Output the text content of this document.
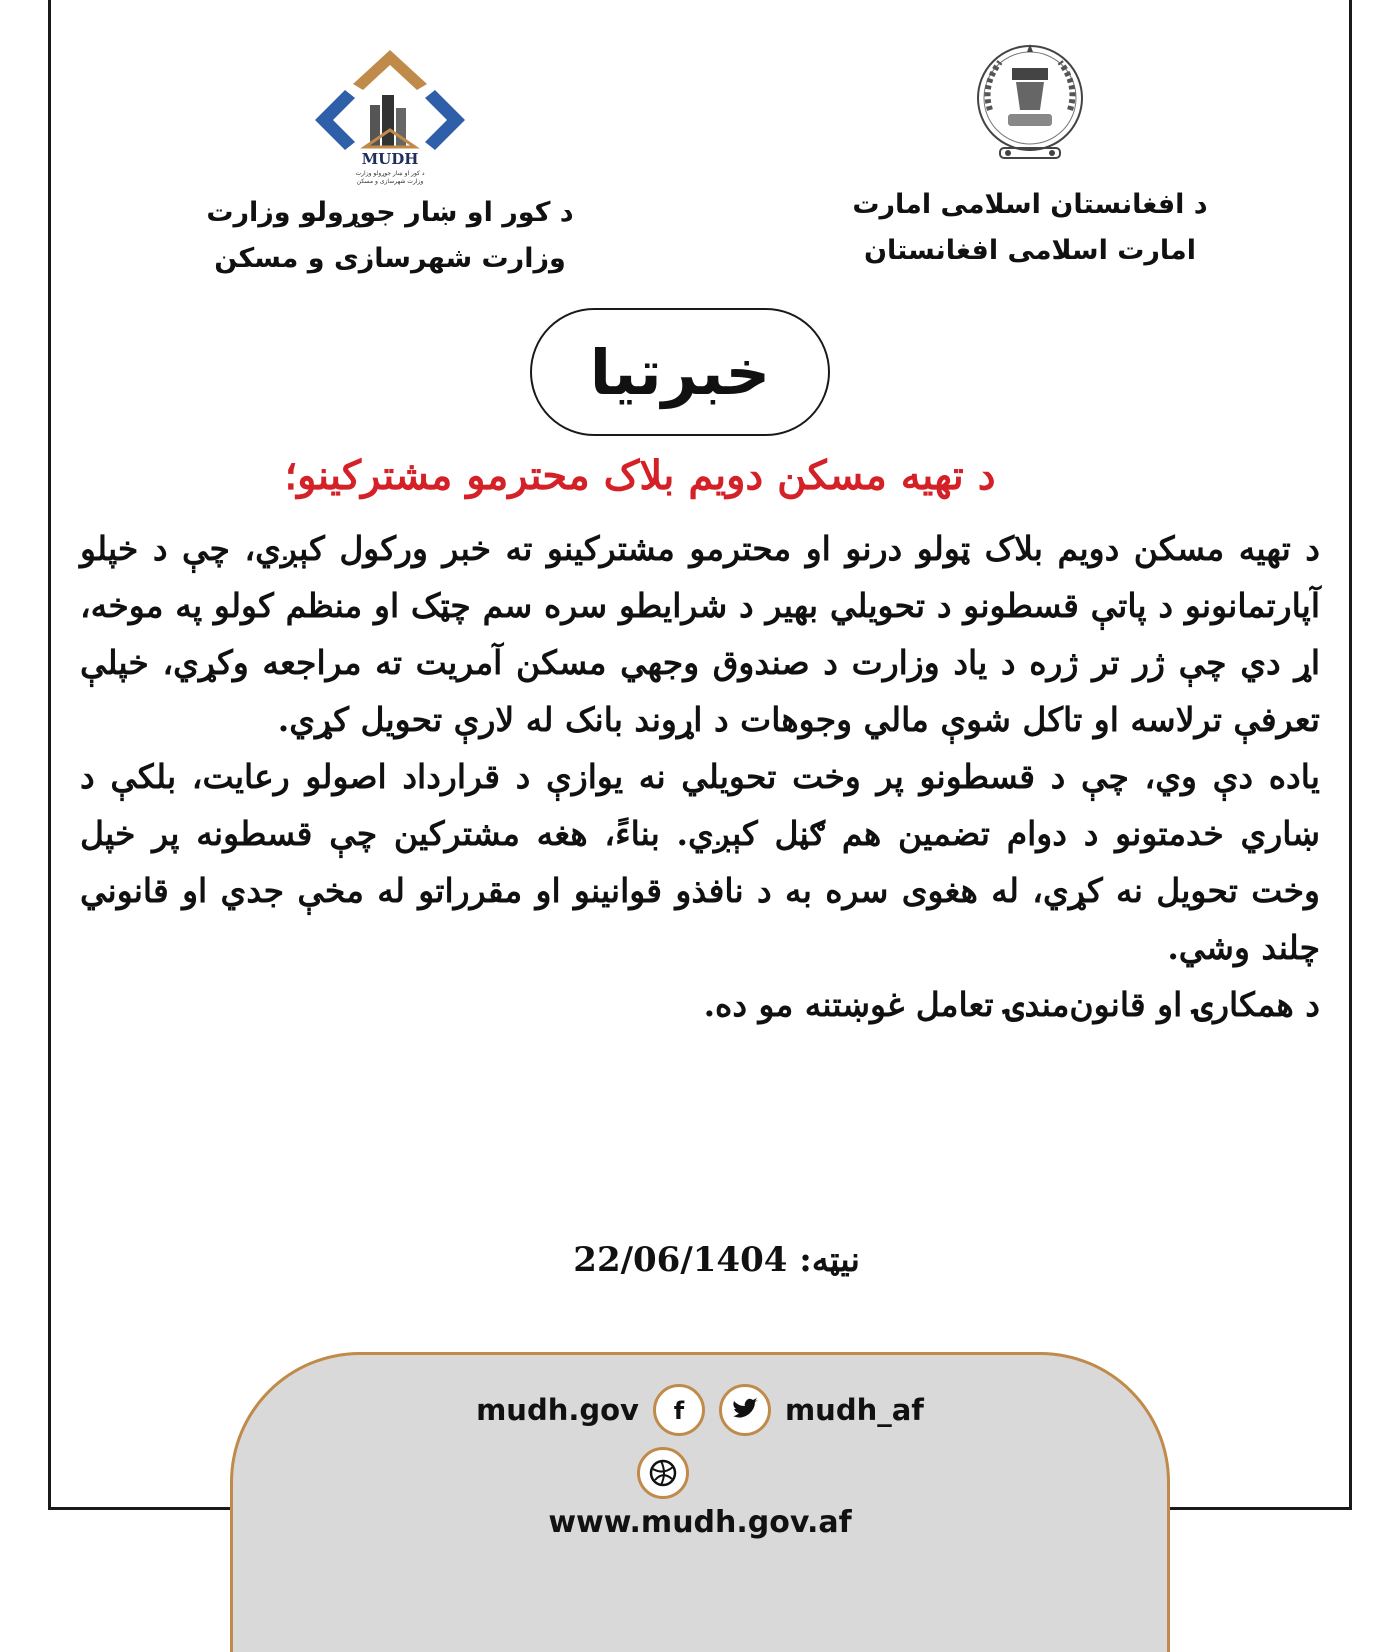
MUDH
د کور او ښار جوړولو وزارت
وزارت شهرسازی و مسکن
د کور او ښار جوړولو وزارت
وزارت شهرسازی و مسکن
د افغانستان اسلامی امارت
امارت اسلامی افغانستان
خبرتیا
د تهیه مسکن دویم بلاک محترمو مشترکینو؛

د تهیه مسکن دویم بلاک ټولو درنو او محترمو مشترکینو ته خبر ورکول کېږي، چې د خپلو آپارتمانونو د پاتې قسطونو د تحویلي بهیر د شرایطو سره سم چټک او منظم کولو په موخه، اړ دي چې ژر تر ژره د یاد وزارت د صندوق وجهي مسکن آمریت ته مراجعه وکړي، خپلې تعرفې ترلاسه او تاکل شوې مالي وجوهات د اړوند بانک له لارې تحویل کړي.

یاده دې وي، چې د قسطونو پر وخت تحویلي نه یوازې د قرارداد اصولو رعایت، بلکې د ښاري خدمتونو د دوام تضمین هم ګڼل کېږي. بناءً، هغه مشترکین چې قسطونه پر خپل وخت تحویل نه کړي، له هغوی سره به د نافذو قوانینو او مقرراتو له مخې جدي او قانوني چلند وشي.

د همکارۍ او قانون‌مندۍ تعامل غوښتنه مو ده.

نیټه: 22/06/1404
mudh.gov f	mudh_af
www.mudh.gov.af
